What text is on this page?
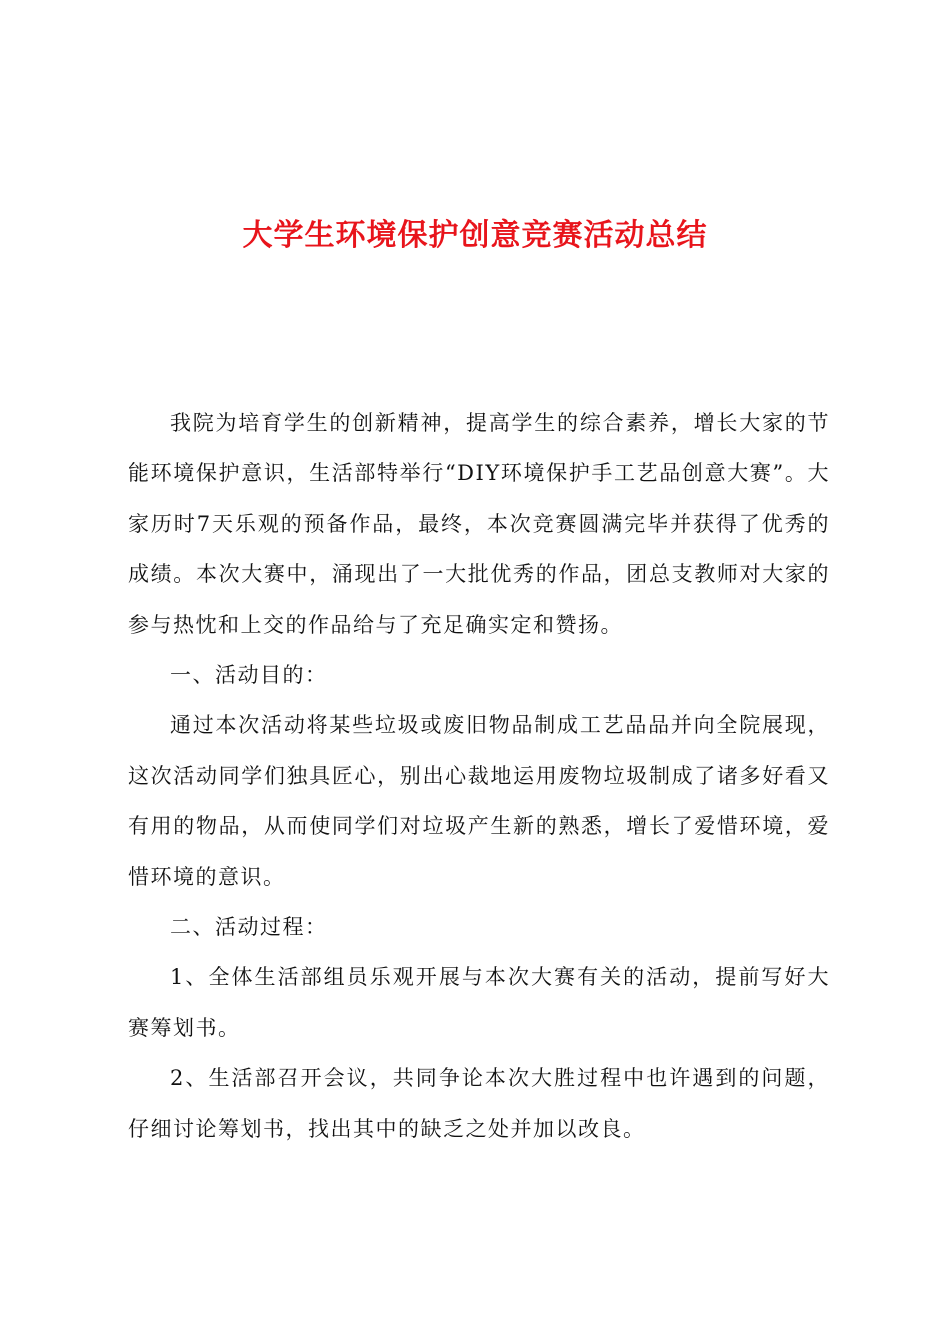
大学生环境保护创意竞赛活动总结

我院为培育学生的创新精神，提高学生的综合素养，增长大家的节能环境保护意识，生活部特举行“DIY环境保护手工艺品创意大赛”。大家历时7天乐观的预备作品，最终，本次竞赛圆满完毕并获得了优秀的成绩。本次大赛中，涌现出了一大批优秀的作品，团总支教师对大家的参与热忱和上交的作品给与了充足确实定和赞扬。

一、活动目的：

通过本次活动将某些垃圾或废旧物品制成工艺品品并向全院展现，这次活动同学们独具匠心，别出心裁地运用废物垃圾制成了诸多好看又有用的物品，从而使同学们对垃圾产生新的熟悉，增长了爱惜环境，爱惜环境的意识。

二、活动过程：

1、全体生活部组员乐观开展与本次大赛有关的活动，提前写好大赛筹划书。

2、生活部召开会议，共同争论本次大胜过程中也许遇到的问题，仔细讨论筹划书，找出其中的缺乏之处并加以改良。
